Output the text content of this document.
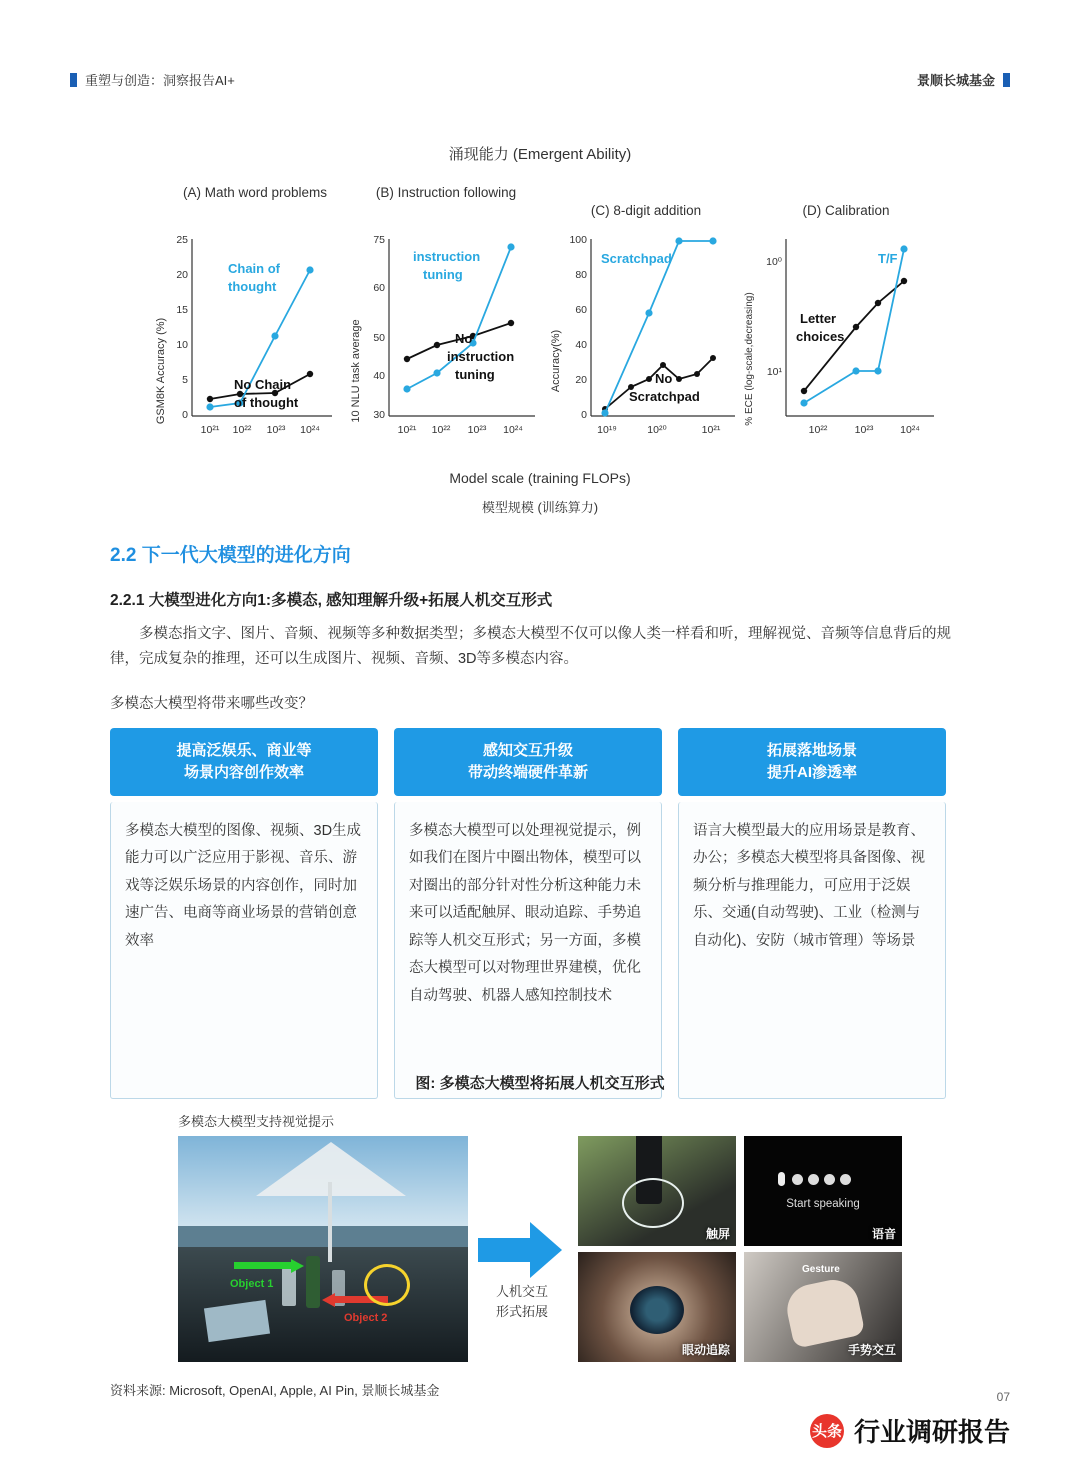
重塑与创造：洞察报告AI+	景顺长城基金
涌现能力 (Emergent Ability)
(A) Math word problems
GSM8K Accuracy (%)
25
20
15
10
5
0
Chain of
thought
No Chain
of thought
10²¹ 10²² 10²³ 10²⁴
(B) Instruction following
10 NLU task average
75
60
50
40
30
instruction
tuning
No
instruction
tuning
10²¹ 10²² 10²³ 10²⁴
(C) 8-digit addition
Accuracy(%)
100
80
60
40
20
0
Scratchpad
No
Scratchpad
10¹⁹	10²⁰	10²¹
(D) Calibration
% ECE (log-scale,decreasing)
10⁰
10¹
T/F
Letter
choices
10²²	10²³	10²⁴
Model scale (training FLOPs)
模型规模 (训练算力)
2.2 下一代大模型的进化方向
2.2.1 大模型进化方向1:多模态, 感知理解升级+拓展人机交互形式
多模态指文字、图片、音频、视频等多种数据类型；多模态大模型不仅可以像人类一样看和听，理解视觉、音频等信息背后的规律，完成复杂的推理，还可以生成图片、视频、音频、3D等多模态内容。
多模态大模型将带来哪些改变？
提高泛娱乐、商业等
场景内容创作效率
多模态大模型的图像、视频、3D生成能力可以广泛应用于影视、音乐、游戏等泛娱乐场景的内容创作，同时加速广告、电商等商业场景的营销创意效率
感知交互升级
带动终端硬件革新
多模态大模型可以处理视觉提示，例如我们在图片中圈出物体，模型可以对圈出的部分针对性分析这种能力未来可以适配触屏、眼动追踪、手势追踪等人机交互形式；另一方面，多模态大模型可以对物理世界建模，优化自动驾驶、机器人感知控制技术
拓展落地场景
提升AI渗透率
语言大模型最大的应用场景是教育、办公；多模态大模型将具备图像、视频分析与推理能力，可应用于泛娱乐、交通(自动驾驶)、工业（检测与自动化)、安防（城市管理）等场景
图: 多模态大模型将拓展人机交互形式
多模态大模型支持视觉提示
Object 1
Object 2
人机交互
形式拓展
触屏
Start speaking
语音
眼动追踪
Gesture
手势交互
资料来源: Microsoft, OpenAI, Apple, AI Pin, 景顺长城基金	07
头条 行业调研报告
